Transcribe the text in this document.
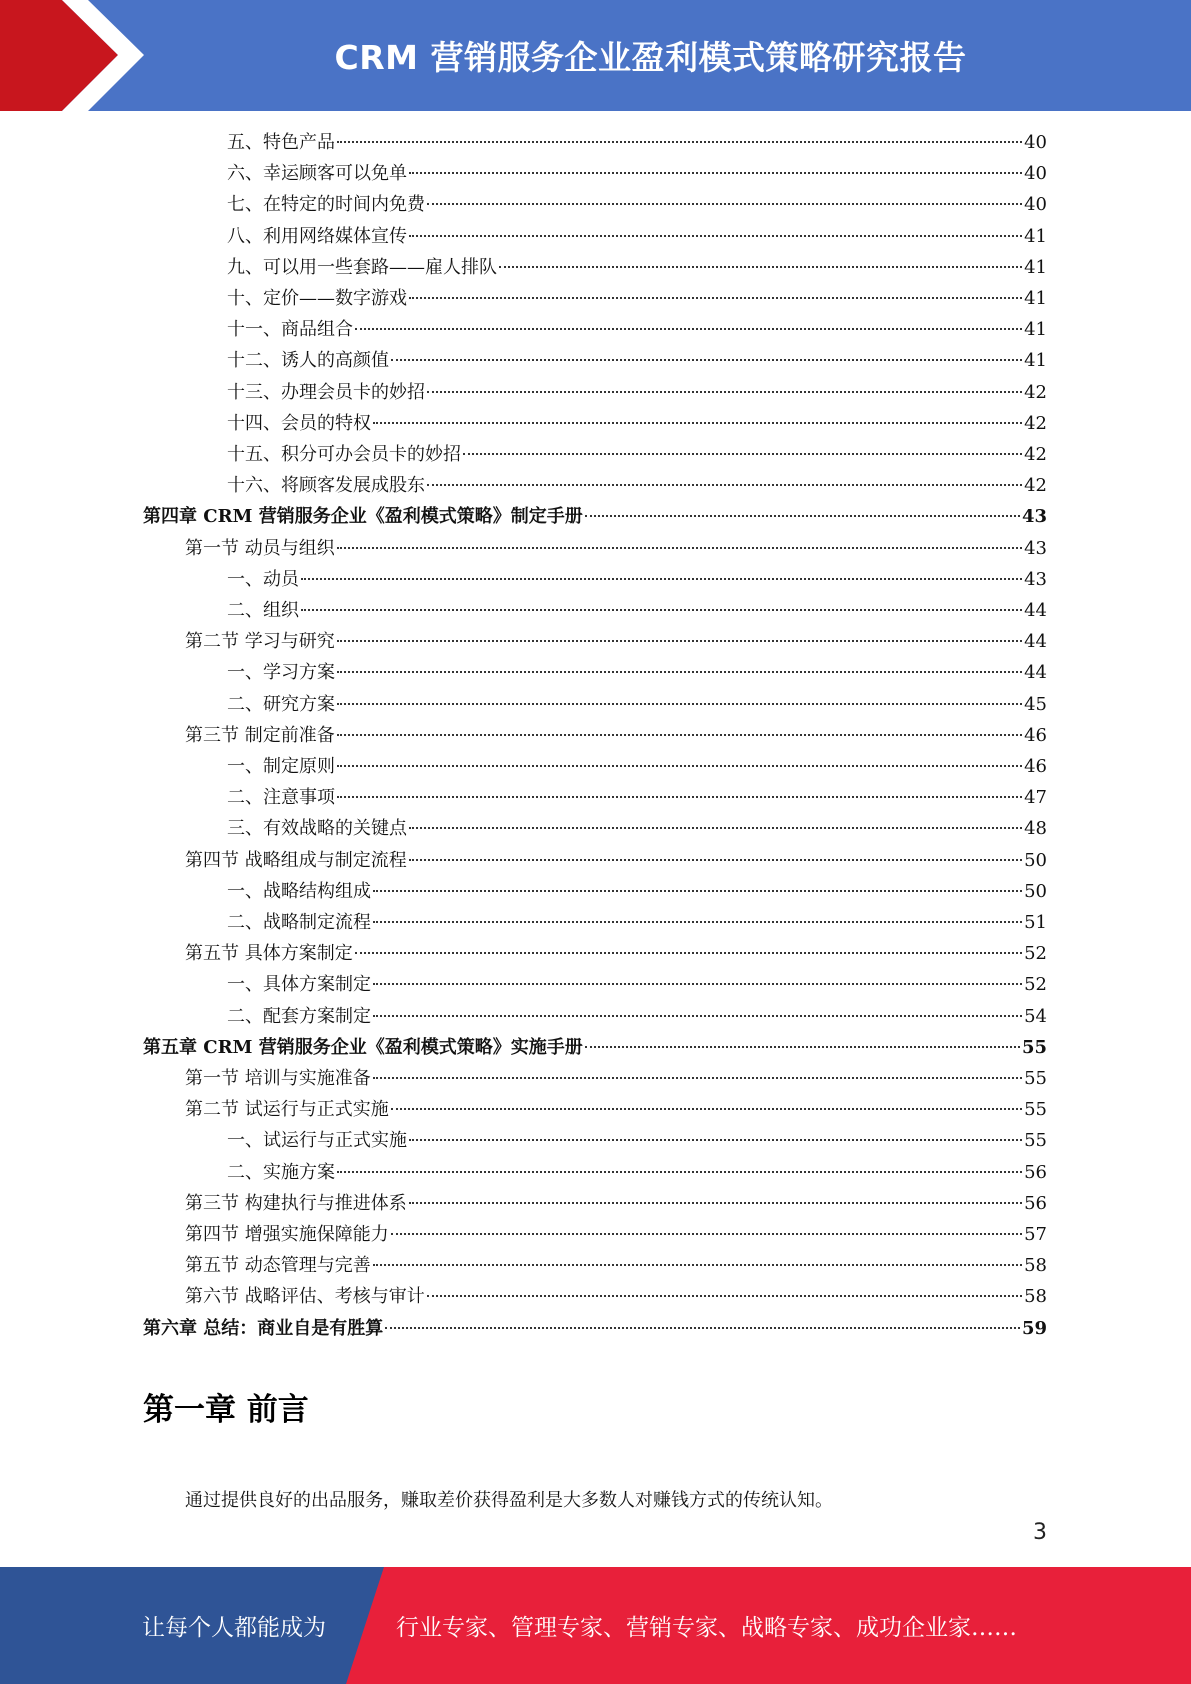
CRM 营销服务企业盈利模式策略研究报告
五、特色产品	40
六、幸运顾客可以免单	40
七、在特定的时间内免费	40
八、利用网络媒体宣传	41
九、可以用一些套路——雇人排队	41
十、定价——数字游戏	41
十一、商品组合	41
十二、诱人的高颜值	41
十三、办理会员卡的妙招	42
十四、会员的特权	42
十五、积分可办会员卡的妙招	42
十六、将顾客发展成股东	42
第四章 CRM 营销服务企业《盈利模式策略》制定手册	43
第一节 动员与组织	43
一、动员	43
二、组织	44
第二节 学习与研究	44
一、学习方案	44
二、研究方案	45
第三节 制定前准备	46
一、制定原则	46
二、注意事项	47
三、有效战略的关键点	48
第四节 战略组成与制定流程	50
一、战略结构组成	50
二、战略制定流程	51
第五节 具体方案制定	52
一、具体方案制定	52
二、配套方案制定	54
第五章 CRM 营销服务企业《盈利模式策略》实施手册	55
第一节 培训与实施准备	55
第二节 试运行与正式实施	55
一、试运行与正式实施	55
二、实施方案	56
第三节 构建执行与推进体系	56
第四节 增强实施保障能力	57
第五节 动态管理与完善	58
第六节 战略评估、考核与审计	58
第六章 总结：商业自是有胜算	59
第一章 前言
通过提供良好的出品服务，赚取差价获得盈利是大多数人对赚钱方式的传统认知。
3
让每个人都能成为	行业专家、管理专家、营销专家、战略专家、成功企业家……
